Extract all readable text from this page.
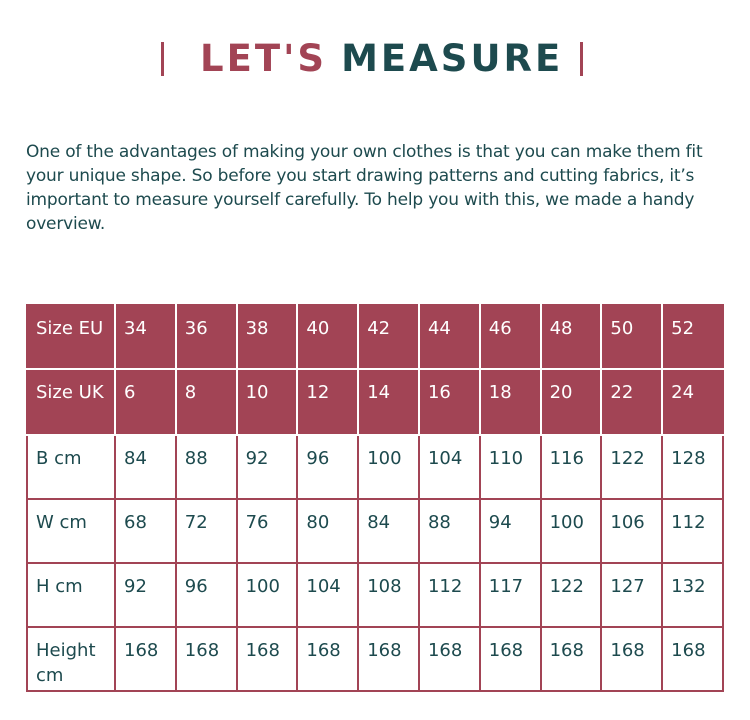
LET'S MEASURE

One of the advantages of making your own clothes is that you can make them fit your unique shape. So before you start drawing patterns and cutting fabrics, it’s important to measure yourself carefully. To help you with this, we made a handy overview.

Size EU	34	36	38	40	42	44	46	48	50	52
Size UK	6	8	10	12	14	16	18	20	22	24
B cm	84	88	92	96	100	104	110	116	122	128
W cm	68	72	76	80	84	88	94	100	106	112
H cm	92	96	100	104	108	112	117	122	127	132
Height cm	168	168	168	168	168	168	168	168	168	168
